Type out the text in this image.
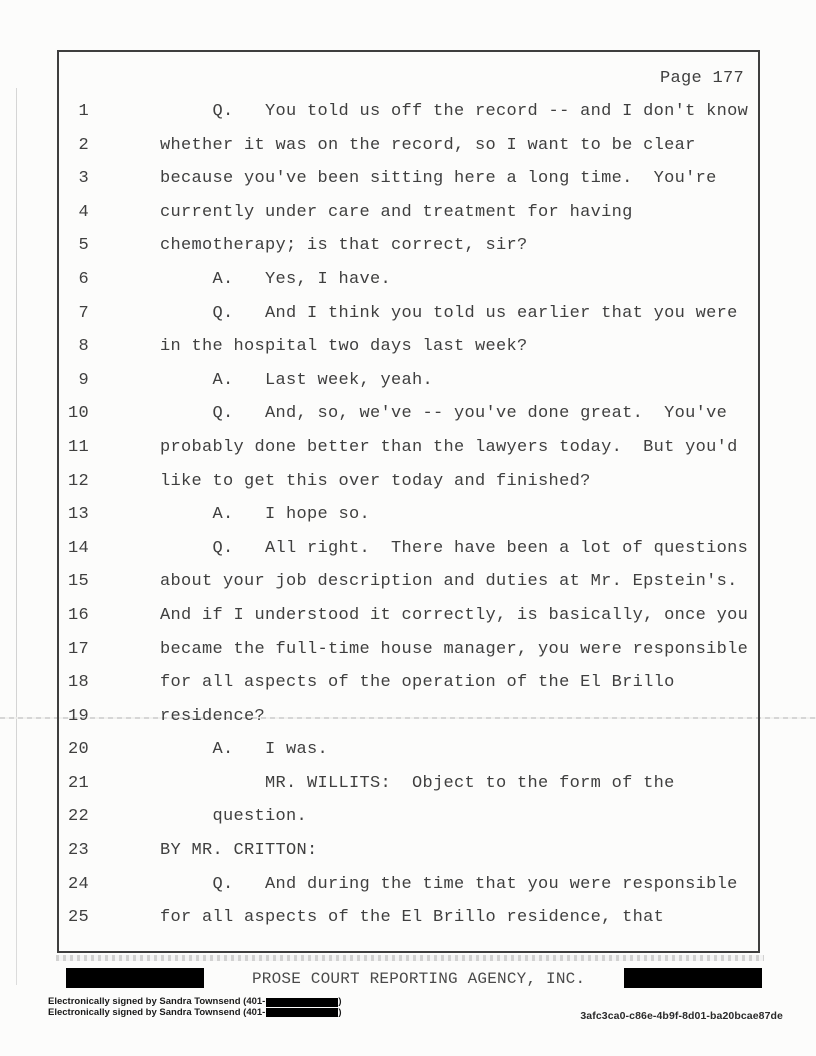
Page 177
1	Q.   You told us off the record -- and I don't know
2	whether it was on the record, so I want to be clear
3	because you've been sitting here a long time.  You're
4	currently under care and treatment for having
5	chemotherapy; is that correct, sir?
6	A.   Yes, I have.
7	Q.   And I think you told us earlier that you were
8	in the hospital two days last week?
9	A.   Last week, yeah.
10	Q.   And, so, we've -- you've done great.  You've
11	probably done better than the lawyers today.  But you'd
12	like to get this over today and finished?
13	A.   I hope so.
14	Q.   All right.  There have been a lot of questions
15	about your job description and duties at Mr. Epstein's.
16	And if I understood it correctly, is basically, once you
17	became the full-time house manager, you were responsible
18	for all aspects of the operation of the El Brillo
19	residence?
20	A.   I was.
21	MR. WILLITS:  Object to the form of the
22	question.
23	BY MR. CRITTON:
24	Q.   And during the time that you were responsible
25	for all aspects of the El Brillo residence, that
PROSE COURT REPORTING AGENCY, INC.
Electronically signed by Sandra Townsend (401-	)
Electronically signed by Sandra Townsend (401-	)	3afc3ca0-c86e-4b9f-8d01-ba20bcae87de
